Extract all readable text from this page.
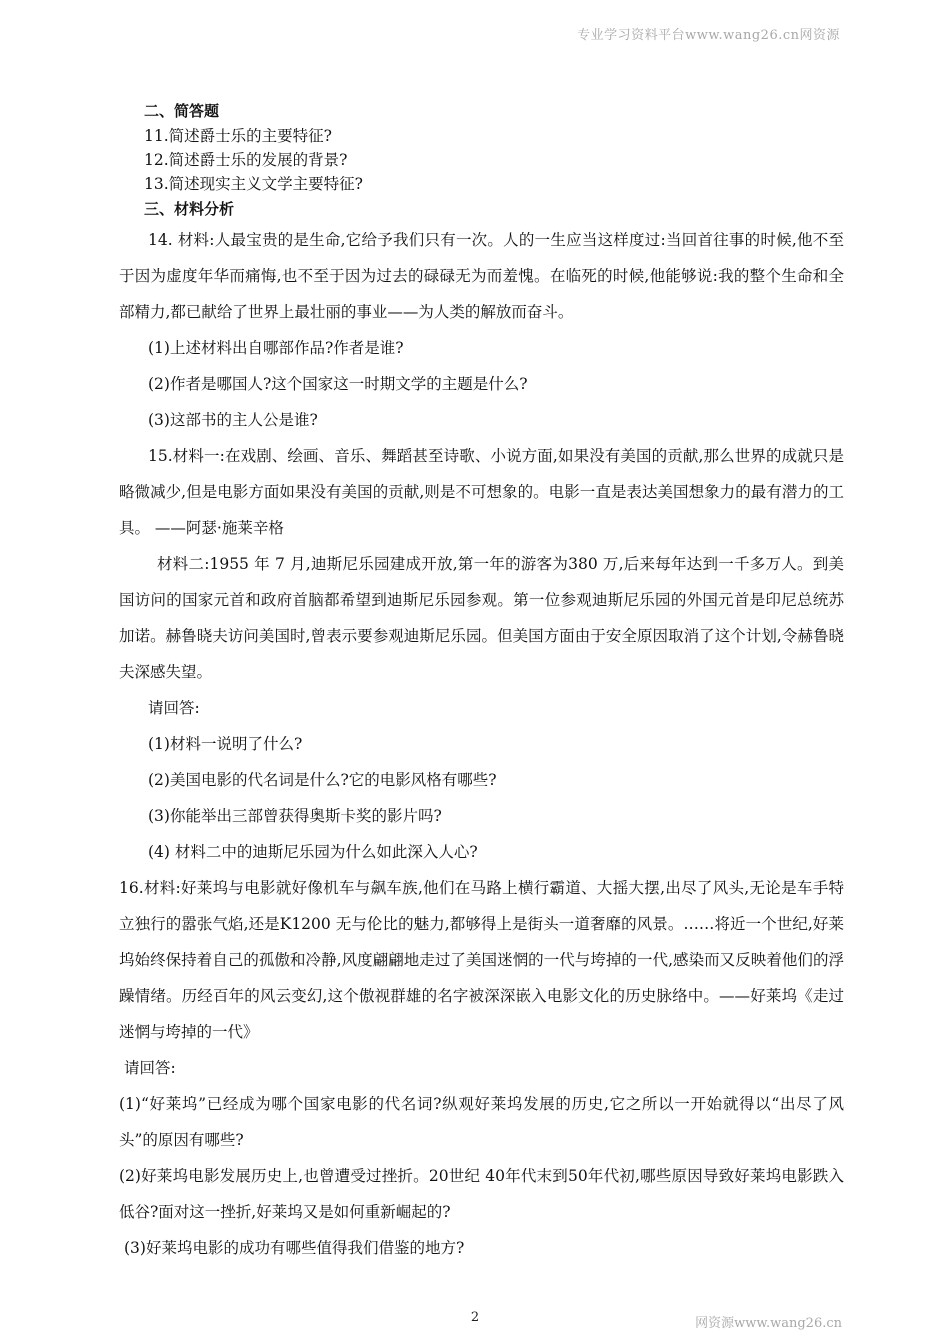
专业学习资料平台www.wang26.cn网资源
二、简答题
11.简述爵士乐的主要特征?
12.简述爵士乐的发展的背景?
13.简述现实主义文学主要特征?
三、材料分析
14. 材料:人最宝贵的是生命,它给予我们只有一次。人的一生应当这样度过:当回首往事的时候,他不至于因为虚度年华而痛悔,也不至于因为过去的碌碌无为而羞愧。在临死的时候,他能够说:我的整个生命和全部精力,都已献给了世界上最壮丽的事业——为人类的解放而奋斗。
(1)上述材料出自哪部作品?作者是谁?
(2)作者是哪国人?这个国家这一时期文学的主题是什么?
(3)这部书的主人公是谁?
15.材料一:在戏剧、绘画、音乐、舞蹈甚至诗歌、小说方面,如果没有美国的贡献,那么世界的成就只是略微减少,但是电影方面如果没有美国的贡献,则是不可想象的。电影一直是表达美国想象力的最有潜力的工具。 ——阿瑟·施莱辛格
材料二:1955 年 7 月,迪斯尼乐园建成开放,第一年的游客为380 万,后来每年达到一千多万人。到美国访问的国家元首和政府首脑都希望到迪斯尼乐园参观。第一位参观迪斯尼乐园的外国元首是印尼总统苏加诺。赫鲁晓夫访问美国时,曾表示要参观迪斯尼乐园。但美国方面由于安全原因取消了这个计划,令赫鲁晓夫深感失望。
请回答:
(1)材料一说明了什么?
(2)美国电影的代名词是什么?它的电影风格有哪些?
(3)你能举出三部曾获得奥斯卡奖的影片吗?
(4) 材料二中的迪斯尼乐园为什么如此深入人心?
16.材料:好莱坞与电影就好像机车与飙车族,他们在马路上横行霸道、大摇大摆,出尽了风头,无论是车手特立独行的嚣张气焰,还是K1200 无与伦比的魅力,都够得上是街头一道奢靡的风景。……将近一个世纪,好莱坞始终保持着自己的孤傲和冷静,风度翩翩地走过了美国迷惘的一代与垮掉的一代,感染而又反映着他们的浮躁情绪。历经百年的风云变幻,这个傲视群雄的名字被深深嵌入电影文化的历史脉络中。——好莱坞《走过迷惘与垮掉的一代》
请回答:
(1)“好莱坞”已经成为哪个国家电影的代名词?纵观好莱坞发展的历史,它之所以一开始就得以“出尽了风头”的原因有哪些?
(2)好莱坞电影发展历史上,也曾遭受过挫折。20世纪 40年代末到50年代初,哪些原因导致好莱坞电影跌入低谷?面对这一挫折,好莱坞又是如何重新崛起的?
(3)好莱坞电影的成功有哪些值得我们借鉴的地方?
2	网资源www.wang26.cn
